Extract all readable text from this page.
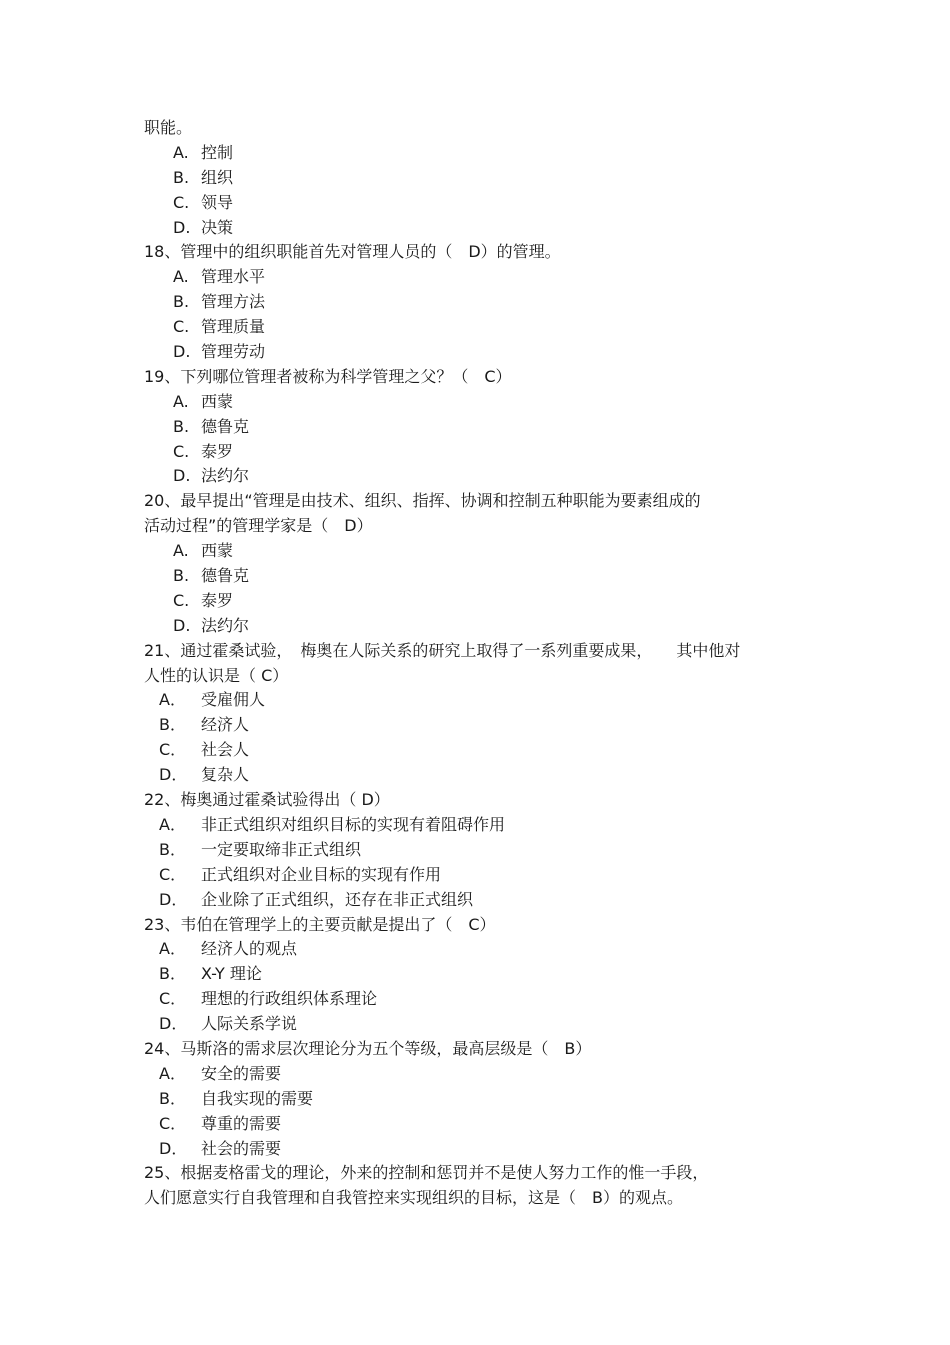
职能。
A. 控制
B. 组织
C. 领导
D. 决策
18、管理中的组织职能首先对管理人员的（　D）的管理。
A. 管理水平
B. 管理方法
C. 管理质量
D. 管理劳动
19、下列哪位管理者被称为科学管理之父？（　C）
A. 西蒙
B. 德鲁克
C. 泰罗
D. 法约尔
20、最早提出“管理是由技术、组织、指挥、协调和控制五种职能为要素组成的
活动过程”的管理学家是（　D）
A. 西蒙
B. 德鲁克
C. 泰罗
D. 法约尔
21、通过霍桑试验，　梅奥在人际关系的研究上取得了一系列重要成果，　　其中他对
人性的认识是（ C）
A． 受雇佣人
B． 经济人
C． 社会人
D． 复杂人
22、梅奥通过霍桑试验得出（ D）
A． 非正式组织对组织目标的实现有着阻碍作用
B． 一定要取缔非正式组织
C． 正式组织对企业目标的实现有作用
D． 企业除了正式组织，还存在非正式组织
23、韦伯在管理学上的主要贡献是提出了（　C）
A． 经济人的观点
B． X-Y 理论
C． 理想的行政组织体系理论
D． 人际关系学说
24、马斯洛的需求层次理论分为五个等级，最高层级是（　B）
A． 安全的需要
B． 自我实现的需要
C． 尊重的需要
D． 社会的需要
25、根据麦格雷戈的理论，外来的控制和惩罚并不是使人努力工作的惟一手段，
人们愿意实行自我管理和自我管控来实现组织的目标，这是（　B）的观点。
